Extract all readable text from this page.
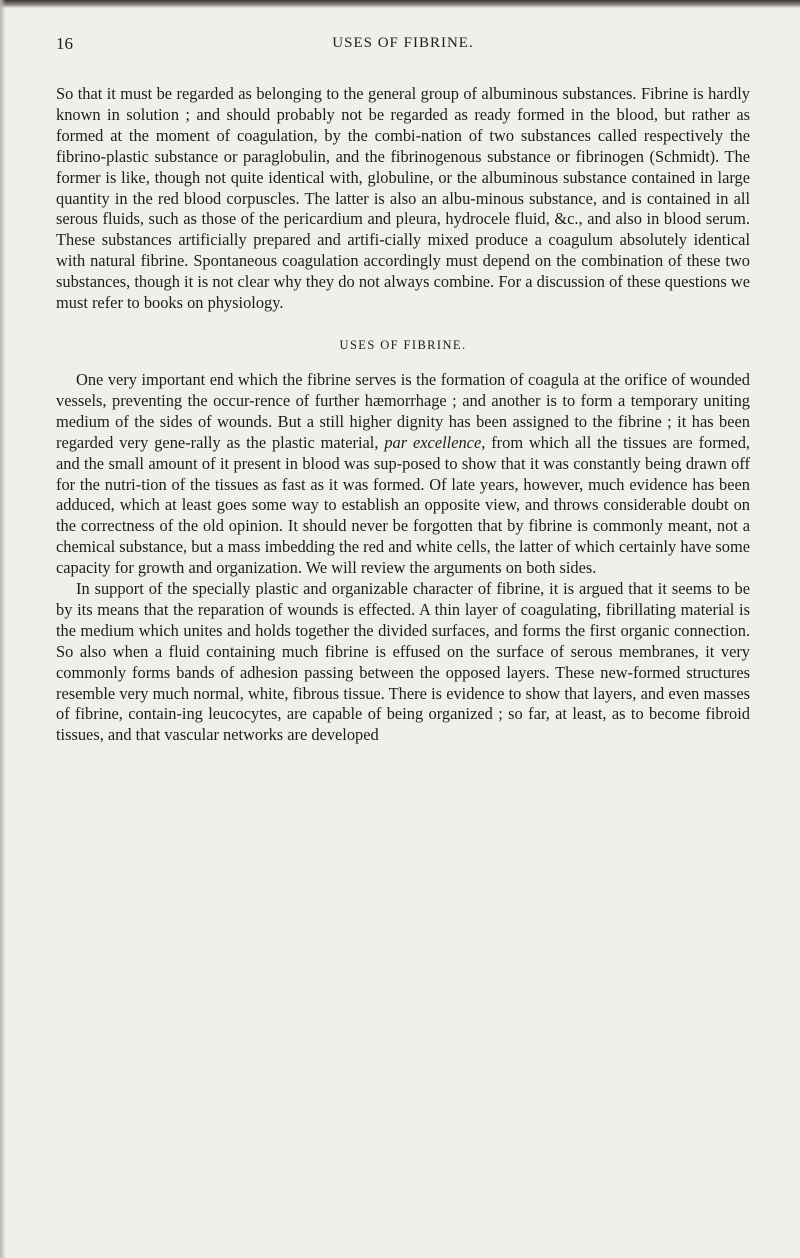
16	USES OF FIBRINE.

So that it must be regarded as belonging to the general group of albuminous substances. Fibrine is hardly known in solution ; and should probably not be regarded as ready formed in the blood, but rather as formed at the moment of coagulation, by the combi-nation of two substances called respectively the fibrino-plastic substance or paraglobulin, and the fibrinogenous substance or fibrinogen (Schmidt). The former is like, though not quite identical with, globuline, or the albuminous substance contained in large quantity in the red blood corpuscles. The latter is also an albu-minous substance, and is contained in all serous fluids, such as those of the pericardium and pleura, hydrocele fluid, &c., and also in blood serum. These substances artificially prepared and artifi-cially mixed produce a coagulum absolutely identical with natural fibrine. Spontaneous coagulation accordingly must depend on the combination of these two substances, though it is not clear why they do not always combine. For a discussion of these questions we must refer to books on physiology.

USES OF FIBRINE.

One very important end which the fibrine serves is the formation of coagula at the orifice of wounded vessels, preventing the occur-rence of further hæmorrhage ; and another is to form a temporary uniting medium of the sides of wounds. But a still higher dignity has been assigned to the fibrine ; it has been regarded very gene-rally as the plastic material, par excellence, from which all the tissues are formed, and the small amount of it present in blood was sup-posed to show that it was constantly being drawn off for the nutri-tion of the tissues as fast as it was formed. Of late years, however, much evidence has been adduced, which at least goes some way to establish an opposite view, and throws considerable doubt on the correctness of the old opinion. It should never be forgotten that by fibrine is commonly meant, not a chemical substance, but a mass imbedding the red and white cells, the latter of which certainly have some capacity for growth and organization. We will review the arguments on both sides.

In support of the specially plastic and organizable character of fibrine, it is argued that it seems to be by its means that the reparation of wounds is effected. A thin layer of coagulating, fibrillating material is the medium which unites and holds together the divided surfaces, and forms the first organic connection. So also when a fluid containing much fibrine is effused on the surface of serous membranes, it very commonly forms bands of adhesion passing between the opposed layers. These new-formed structures resemble very much normal, white, fibrous tissue. There is evidence to show that layers, and even masses of fibrine, contain-ing leucocytes, are capable of being organized ; so far, at least, as to become fibroid tissues, and that vascular networks are developed
